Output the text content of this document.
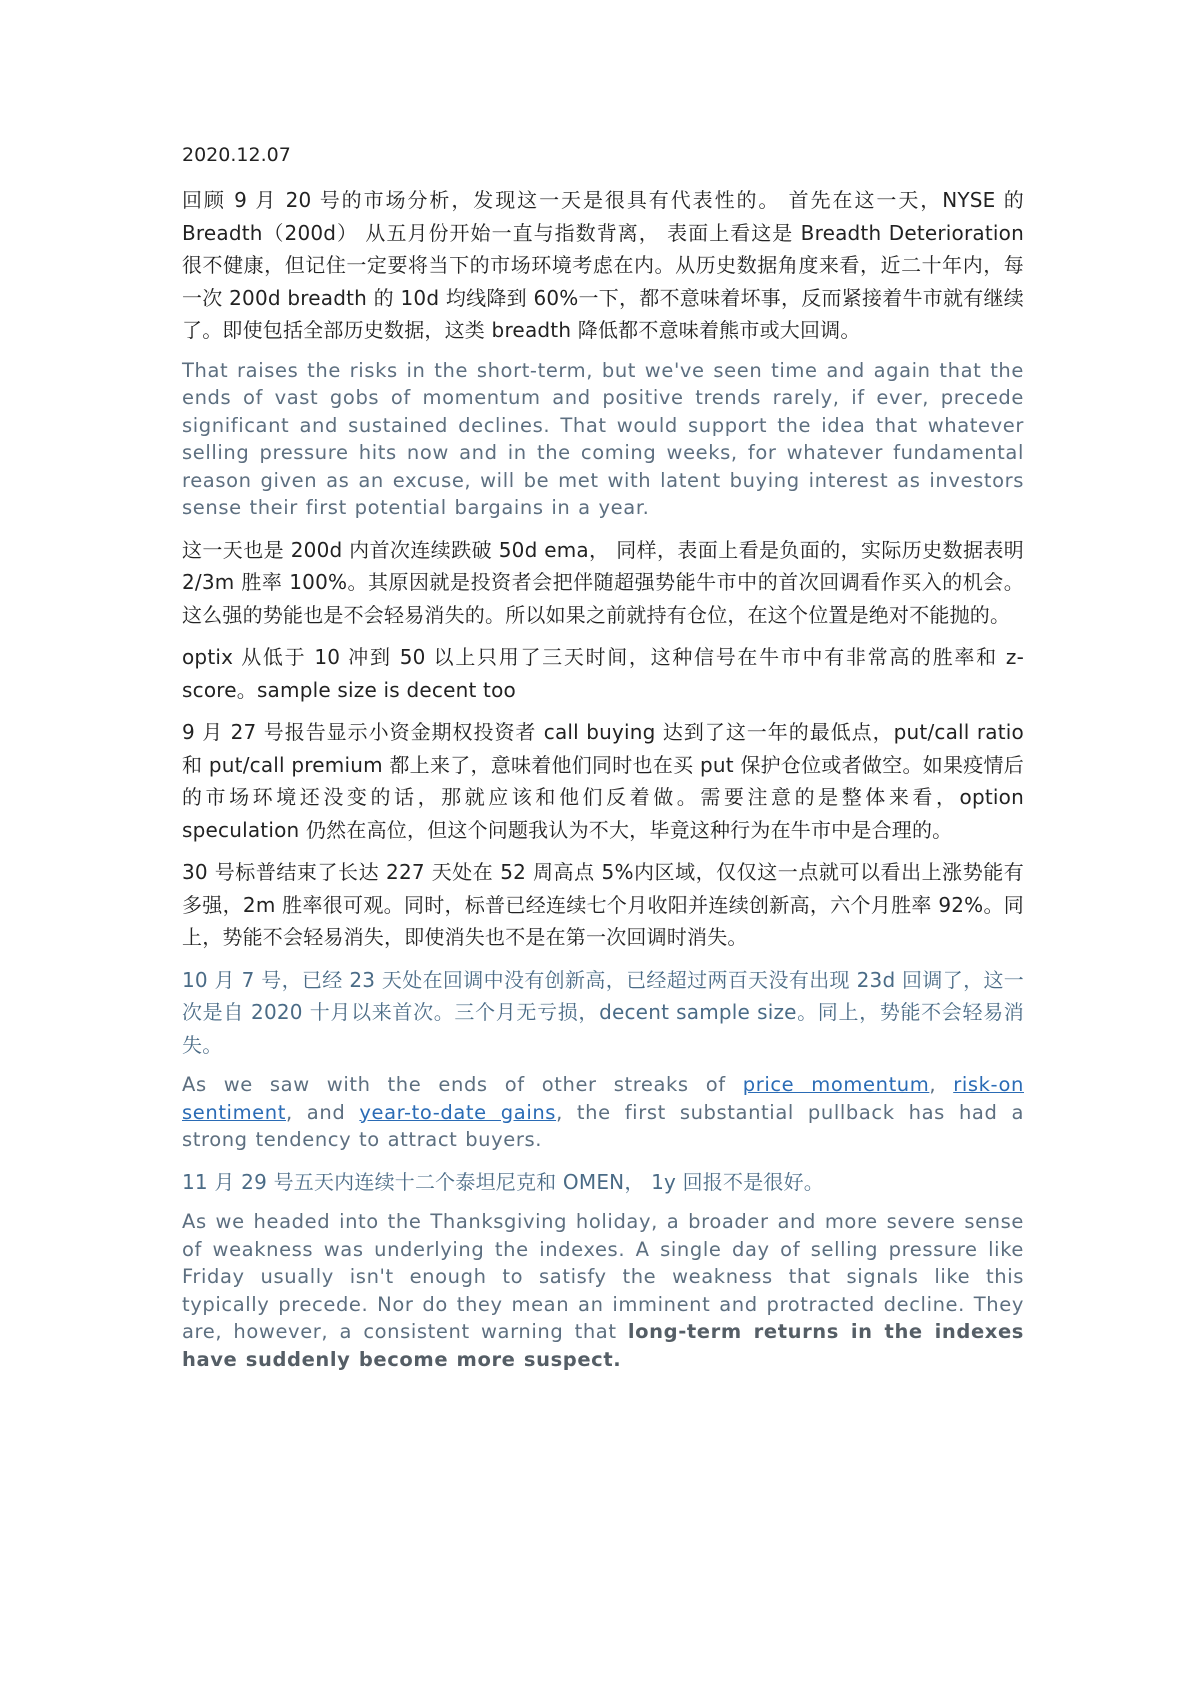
2020.12.07

回顾 9 月 20 号的市场分析，发现这一天是很具有代表性的。 首先在这一天，NYSE 的 Breadth（200d） 从五月份开始一直与指数背离， 表面上看这是 Breadth Deterioration 很不健康，但记住一定要将当下的市场环境考虑在内。从历史数据角度来看，近二十年内，每一次 200d breadth 的 10d 均线降到 60%一下，都不意味着坏事，反而紧接着牛市就有继续了。即使包括全部历史数据，这类 breadth 降低都不意味着熊市或大回调。

That raises the risks in the short-term, but we've seen time and again that the ends of vast gobs of momentum and positive trends rarely, if ever, precede significant and sustained declines. That would support the idea that whatever selling pressure hits now and in the coming weeks, for whatever fundamental reason given as an excuse, will be met with latent buying interest as investors sense their first potential bargains in a year.

这一天也是 200d 内首次连续跌破 50d ema， 同样，表面上看是负面的，实际历史数据表明 2/3m 胜率 100%。其原因就是投资者会把伴随超强势能牛市中的首次回调看作买入的机会。这么强的势能也是不会轻易消失的。所以如果之前就持有仓位，在这个位置是绝对不能抛的。

optix 从低于 10 冲到 50 以上只用了三天时间，这种信号在牛市中有非常高的胜率和 z-score。sample size is decent too

9 月 27 号报告显示小资金期权投资者 call buying 达到了这一年的最低点，put/call ratio 和 put/call premium 都上来了，意味着他们同时也在买 put 保护仓位或者做空。如果疫情后的市场环境还没变的话，那就应该和他们反着做。需要注意的是整体来看，option speculation 仍然在高位，但这个问题我认为不大，毕竟这种行为在牛市中是合理的。

30 号标普结束了长达 227 天处在 52 周高点 5%内区域，仅仅这一点就可以看出上涨势能有多强，2m 胜率很可观。同时，标普已经连续七个月收阳并连续创新高，六个月胜率 92%。同上，势能不会轻易消失，即使消失也不是在第一次回调时消失。

10 月 7 号，已经 23 天处在回调中没有创新高，已经超过两百天没有出现 23d 回调了，这一次是自 2020 十月以来首次。三个月无亏损，decent sample size。同上，势能不会轻易消失。

As we saw with the ends of other streaks of price momentum, risk-on sentiment, and year-to-date gains, the first substantial pullback has had a strong tendency to attract buyers.

11 月 29 号五天内连续十二个泰坦尼克和 OMEN， 1y 回报不是很好。

As we headed into the Thanksgiving holiday, a broader and more severe sense of weakness was underlying the indexes. A single day of selling pressure like Friday usually isn't enough to satisfy the weakness that signals like this typically precede. Nor do they mean an imminent and protracted decline. They are, however, a consistent warning that long-term returns in the indexes have suddenly become more suspect.
